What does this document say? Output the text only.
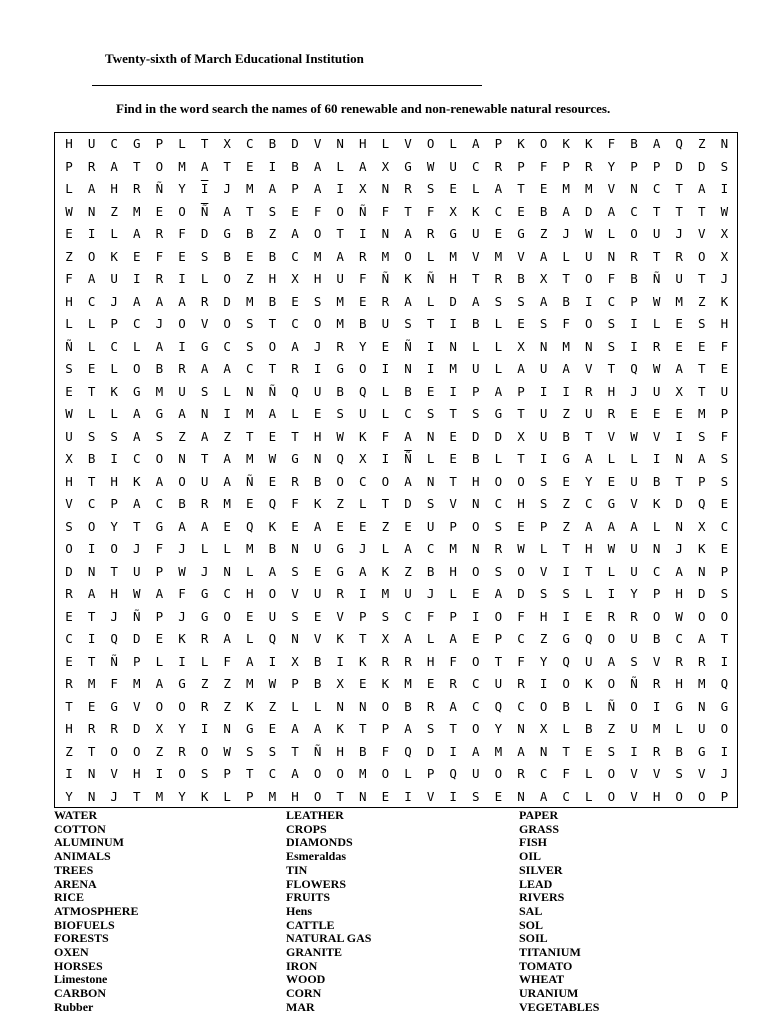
Twenty-sixth of March Educational Institution
Find in the word search the names of 60 renewable and non-renewable natural resources.
H	U	C	G	P	L	T	X	C	B	D	V	N	H	L	V	O	L	A	P	K	O	K	K	F	B	A	Q	Z	N
P	R	A	T	O	M	A	T	E	I	B	A	L	A	X	G	W	U	C	R	P	F	P	R	Y	P	P	D	D	S
L	A	H	R	Ñ	Y	$\overline{I}$	J	M	A	P	A	I	X	N	R	S	E	L	A	T	E	M	M	V	N	C	T	A	I
W	N	Z	M	E	O	$\overline{Ñ}$	A	T	S	E	F	O	Ñ	F	T	F	X	K	C	E	B	A	D	A	C	T	T	T	W
E	I	L	A	R	F	D	G	B	Z	A	O	T	I	N	A	R	G	U	E	G	Z	J	W	L	O	U	J	V	X
Z	O	K	E	F	E	S	B	E	B	C	M	A	R	M	O	L	M	V	M	V	A	L	U	N	R	T	R	O	X
F	A	U	I	R	I	L	O	Z	H	X	H	U	F	Ñ	K	Ñ	H	T	R	B	X	T	O	F	B	Ñ	U	T	J
H	C	J	A	A	A	R	D	M	B	E	S	M	E	R	A	L	D	A	S	S	A	B	I	C	P	W	M	Z	K
L	L	P	C	J	O	V	O	S	T	C	O	M	B	U	S	T	I	B	L	E	S	F	O	S	I	L	E	S	H
Ñ	L	C	L	A	I	G	C	S	O	A	J	R	Y	E	Ñ	I	N	L	L	X	N	M	N	S	I	R	E	E	F
S	E	L	O	B	R	A	A	C	T	R	I	G	O	I	N	I	M	U	L	A	U	A	V	T	Q	W	A	T	E
E	T	K	G	M	U	S	L	N	Ñ	Q	U	B	Q	L	B	E	I	P	A	P	I	I	R	H	J	U	X	T	U
W	L	L	A	G	A	N	I	M	A	L	E	S	U	L	C	S	T	S	G	T	U	Z	U	R	E	E	E	M	P
U	S	S	A	S	Z	A	Z	T	E	T	H	W	K	F	A	N	E	D	D	X	U	B	T	V	W	V	I	S	F
X	B	I	C	O	N	T	A	M	W	G	N	Q	X	I	$\overline{Ñ}$	L	E	B	L	T	I	G	A	L	L	I	N	A	S
H	T	H	K	A	O	U	A	Ñ	E	R	B	O	C	O	A	N	T	H	O	O	S	E	Y	E	U	B	T	P	S
V	C	P	A	C	B	R	M	E	Q	F	K	Z	L	T	D	S	V	N	C	H	S	Z	C	G	V	K	D	Q	E
S	O	Y	T	G	A	A	E	Q	K	E	A	E	E	Z	E	U	P	O	S	E	P	Z	A	A	A	L	N	X	C
O	I	O	J	F	J	L	L	M	B	N	U	G	J	L	A	C	M	N	R	W	L	T	H	W	U	N	J	K	E
D	N	T	U	P	W	J	N	L	A	S	E	G	A	K	Z	B	H	O	S	O	V	I	T	L	U	C	A	N	P
R	A	H	W	A	F	G	C	H	O	V	U	R	I	M	U	J	L	E	A	D	S	S	L	I	Y	P	H	D	S
E	T	J	Ñ	P	J	G	O	E	U	S	E	V	P	S	C	F	P	I	O	F	H	I	E	R	R	O	W	O	O
C	I	Q	D	E	K	R	A	L	Q	N	V	K	T	X	A	L	A	E	P	C	Z	G	Q	O	U	B	C	A	T
E	T	Ñ	P	L	I	L	F	A	I	X	B	I	K	R	R	H	F	O	T	F	Y	Q	U	A	S	V	R	R	I
R	M	F	M	A	G	Z	Z	M	W	P	B	X	E	K	M	E	R	C	U	R	I	O	K	O	Ñ	R	H	M	Q
T	E	G	V	O	O	R	Z	K	Z	L	L	N	N	O	B	R	A	C	Q	C	O	B	L	Ñ	O	I	G	N	G
H	R	R	D	X	Y	I	N	G	E	A	A	K	T	P	A	S	T	O	Y	N	X	L	B	Z	U	M	L	U	O
Z	T	O	O	Z	R	O	W	S	S	T	Ñ	H	B	F	Q	D	I	A	M	A	N	T	E	S	I	R	B	G	I
I	N	V	H	I	O	S	P	T	C	A	O	O	M	O	L	P	Q	U	O	R	C	F	L	O	V	V	S	V	J
Y	N	J	T	M	Y	K	L	P	M	H	O	T	N	E	I	V	I	S	E	N	A	C	L	O	V	H	O	O	P
WATER
COTTON
ALUMINUM
ANIMALS
TREES
ARENA
RICE
ATMOSPHERE
BIOFUELS
FORESTS
OXEN
HORSES
Limestone
CARBON
Rubber
LEATHER
CROPS
DIAMONDS
Esmeraldas
TIN
FLOWERS
FRUITS
Hens
CATTLE
NATURAL GAS
GRANITE
IRON
WOOD
CORN
MAR
PAPER
GRASS
FISH
OIL
SILVER
LEAD
RIVERS
SAL
SOL
SOIL
TITANIUM
TOMATO
WHEAT
URANIUM
VEGETABLES
